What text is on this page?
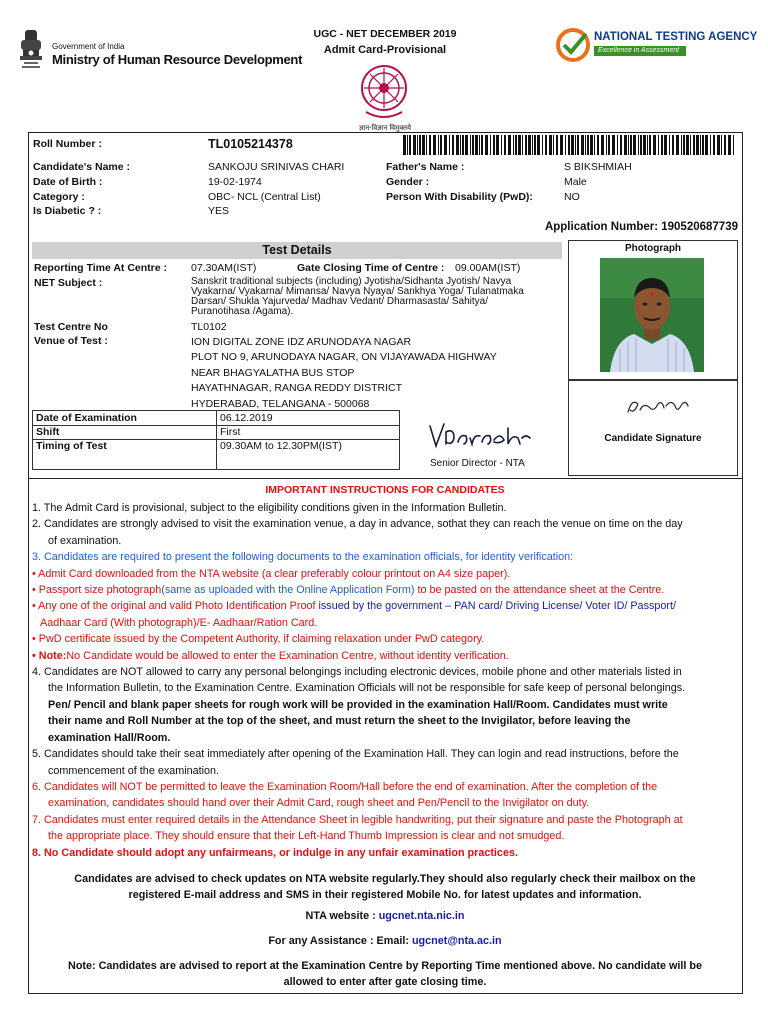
Government of India
Ministry of Human Resource Development
UGC - NET DECEMBER 2019
Admit Card-Provisional
ज्ञान-विज्ञान विमुक्तये
NATIONAL TESTING AGENCY
Excellence in Assessment
Roll Number :	TL0105214378
Candidate's Name :	SANKOJU SRINIVAS CHARI	Father's Name :	S BIKSHMIAH
Date of Birth :	19-02-1974	Gender :	Male
Category :	OBC- NCL (Central List)	Person With Disability (PwD):	NO
Is Diabetic ? :	YES
Application Number: 190520687739
Test Details
Reporting Time At Centre : 07.30AM(IST)	Gate Closing Time of Centre : 09.00AM(IST)
NET Subject :	Sanskrit traditional subjects (including) Jyotisha/Sidhanta Jyotish/ Navya
Vyakarna/ Vyakarna/ Mimansa/ Navya Nyaya/ Sankhya Yoga/ Tulanatmaka
Darsan/ Shukla Yajurveda/ Madhav Vedant/ Dharmasasta/ Sahitya/
Puranotihasa /Agama).
Test Centre No	TL0102
Venue of Test :	ION DIGITAL ZONE IDZ ARUNODAYA NAGAR
PLOT NO 9, ARUNODAYA NAGAR, ON VIJAYAWADA HIGHWAY
NEAR BHAGYALATHA BUS STOP
HAYATHNAGAR, RANGA REDDY DISTRICT
HYDERABAD, TELANGANA - 500068
Date of Examination	06.12.2019
Shift	First
Timing of Test	09.30AM to 12.30PM(IST)
VnParashar
Senior Director - NTA
Photograph
Candidate Signature
IMPORTANT INSTRUCTIONS FOR CANDIDATES
1. The Admit Card is provisional, subject to the eligibility conditions given in the Information Bulletin.
2. Candidates are strongly advised to visit the examination venue, a day in advance, sothat they can reach the venue on time on the day
of examination.
3. Candidates are required to present the following documents to the examination officials, for identity verification:
• Admit Card downloaded from the NTA website (a clear preferably colour printout on A4 size paper).
• Passport size photograph(same as uploaded with the Online Application Form) to be pasted on the attendance sheet at the Centre.
• Any one of the original and valid Photo Identification Proof issued by the government – PAN card/ Driving License/ Voter ID/ Passport/
Aadhaar Card (With photograph)/E- Aadhaar/Ration Card.
• PwD certificate issued by the Competent Authority, if claiming relaxation under PwD category.
• Note:No Candidate would be allowed to enter the Examination Centre, without identity verification.
4. Candidates are NOT allowed to carry any personal belongings including electronic devices, mobile phone and other materials listed in
the Information Bulletin, to the Examination Centre. Examination Officials will not be responsible for safe keep of personal belongings.
Pen/ Pencil and blank paper sheets for rough work will be provided in the examination Hall/Room. Candidates must write
their name and Roll Number at the top of the sheet, and must return the sheet to the Invigilator, before leaving the
examination Hall/Room.
5. Candidates should take their seat immediately after opening of the Examination Hall. They can login and read instructions, before the
commencement of the examination.
6. Candidates will NOT be permitted to leave the Examination Room/Hall before the end of examination. After the completion of the
examination, candidates should hand over their Admit Card, rough sheet and Pen/Pencil to the Invigilator on duty.
7. Candidates must enter required details in the Attendance Sheet in legible handwriting, put their signature and paste the Photograph at
the appropriate place. They should ensure that their Left-Hand Thumb Impression is clear and not smudged.
8. No Candidate should adopt any unfairmeans, or indulge in any unfair examination practices.
Candidates are advised to check updates on NTA website regularly.They should also regularly check their mailbox on the
registered E-mail address and SMS in their registered Mobile No. for latest updates and information.
NTA website : ugcnet.nta.nic.in
For any Assistance : Email: ugcnet@nta.ac.in
Note: Candidates are advised to report at the Examination Centre by Reporting Time mentioned above. No candidate will be
allowed to enter after gate closing time.
